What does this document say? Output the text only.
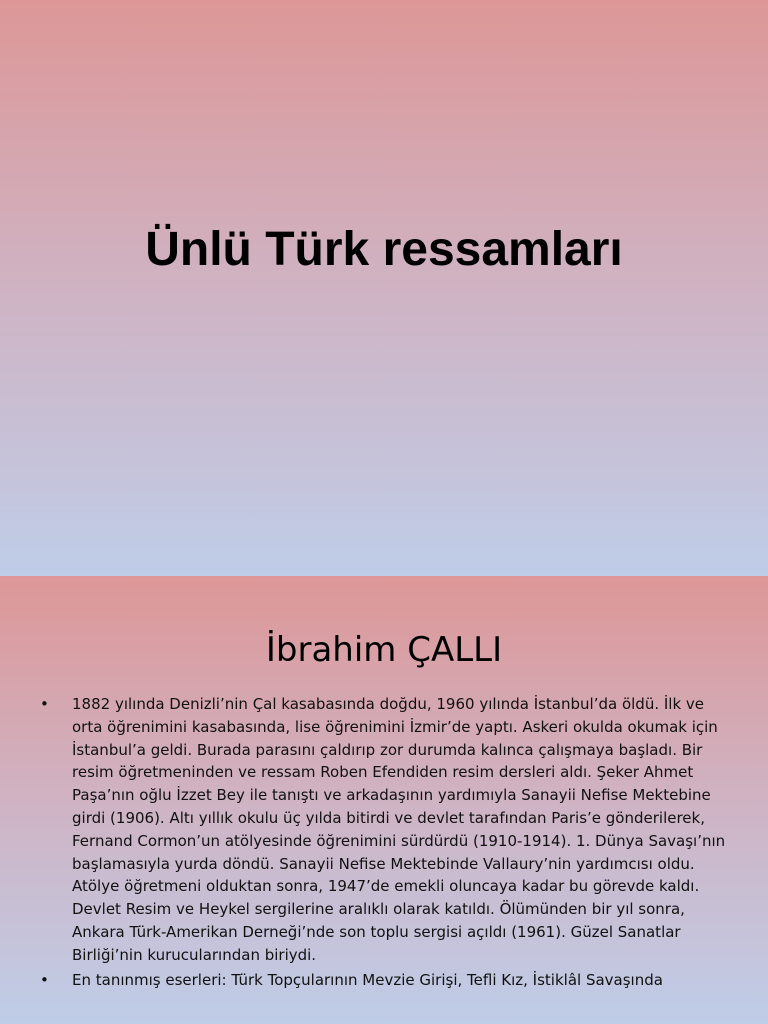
Ünlü Türk ressamları
İbrahim ÇALLI
• 1882 yılında Denizli’nin Çal kasabasında doğdu, 1960 yılında İstanbul’da öldü. İlk ve orta öğrenimini kasabasında, lise öğrenimini İzmir’de yaptı. Askeri okulda okumak için İstanbul’a geldi. Burada parasını çaldırıp zor durumda kalınca çalışmaya başladı. Bir resim öğretmeninden ve ressam Roben Efendiden resim dersleri aldı. Şeker Ahmet Paşa’nın oğlu İzzet Bey ile tanıştı ve arkadaşının yardımıyla Sanayii Nefise Mektebine girdi (1906). Altı yıllık okulu üç yılda bitirdi ve devlet tarafından Paris’e gönderilerek, Fernand Cormon’un atölyesinde öğrenimini sürdürdü (1910-1914). 1. Dünya Savaşı’nın başlamasıyla yurda döndü. Sanayii Nefise Mektebinde Vallaury’nin yardımcısı oldu. Atölye öğretmeni olduktan sonra, 1947’de emekli oluncaya kadar bu görevde kaldı. Devlet Resim ve Heykel sergilerine aralıklı olarak katıldı. Ölümünden bir yıl sonra, Ankara Türk-Amerikan Derneği’nde son toplu sergisi açıldı (1961). Güzel Sanatlar Birliği’nin kurucularından biriydi.
• En tanınmış eserleri: Türk Topçularının Mevzie Girişi, Tefli Kız, İstiklâl Savaşında
